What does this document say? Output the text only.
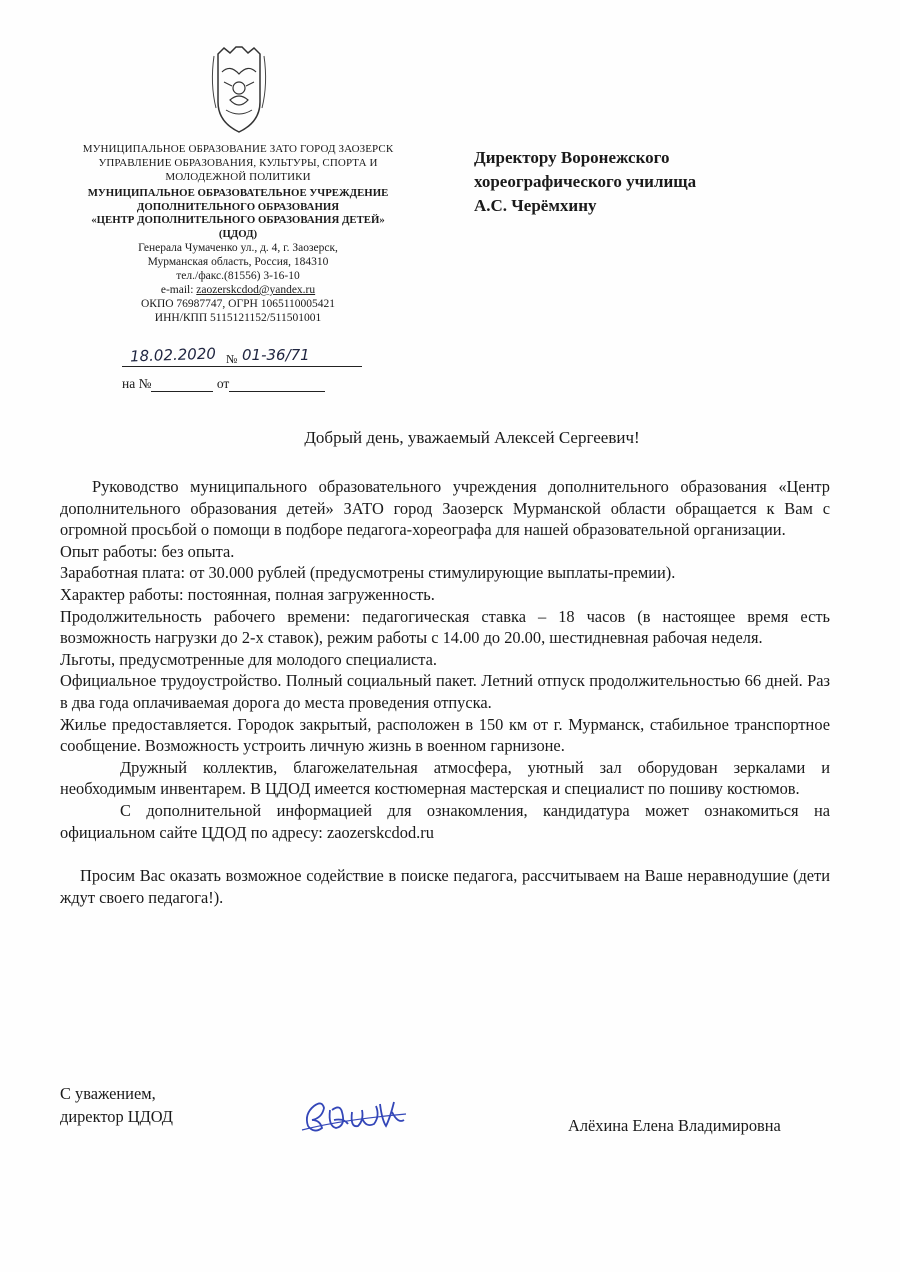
МУНИЦИПАЛЬНОЕ ОБРАЗОВАНИЕ ЗАТО ГОРОД ЗАОЗЕРСК
УПРАВЛЕНИЕ ОБРАЗОВАНИЯ, КУЛЬТУРЫ, СПОРТА И
МОЛОДЕЖНОЙ ПОЛИТИКИ
МУНИЦИПАЛЬНОЕ ОБРАЗОВАТЕЛЬНОЕ УЧРЕЖДЕНИЕ
ДОПОЛНИТЕЛЬНОГО ОБРАЗОВАНИЯ
«ЦЕНТР ДОПОЛНИТЕЛЬНОГО ОБРАЗОВАНИЯ ДЕТЕЙ»
(ЦДОД)
Генерала Чумаченко ул., д. 4, г. Заозерск,
Мурманская область, Россия, 184310
тел./факс.(81556) 3-16-10
e-mail: zaozerskcdod@yandex.ru
ОКПО 76987747, ОГРН 1065110005421
ИНН/КПП 5115121152/511501001
18.02.2020 № 01-36/71
на №	от
Директору Воронежского
хореографического училища
А.С. Черёмхину
Добрый день, уважаемый Алексей Сергеевич!

Руководство муниципального образовательного учреждения дополнительного образования «Центр дополнительного образования детей» ЗАТО город Заозерск Мурманской области обращается к Вам с огромной просьбой о помощи в подборе педагога-хореографа для нашей образовательной организации.

Опыт работы: без опыта.

Заработная плата: от 30.000 рублей (предусмотрены стимулирующие выплаты-премии).

Характер работы: постоянная, полная загруженность.

Продолжительность рабочего времени: педагогическая ставка – 18 часов (в настоящее время есть возможность нагрузки до 2-х ставок), режим работы с 14.00 до 20.00, шестидневная рабочая неделя.

Льготы, предусмотренные для молодого специалиста.

Официальное трудоустройство. Полный социальный пакет. Летний отпуск продолжительностью 66 дней. Раз в два года оплачиваемая дорога до места проведения отпуска.

Жилье предоставляется. Городок закрытый, расположен в 150 км от г. Мурманск, стабильное транспортное сообщение. Возможность устроить личную жизнь в военном гарнизоне.

Дружный коллектив, благожелательная атмосфера, уютный зал оборудован зеркалами и необходимым инвентарем. В ЦДОД имеется костюмерная мастерская и специалист по пошиву костюмов.

С дополнительной информацией для ознакомления, кандидатура может ознакомиться на официальном сайте ЦДОД по адресу: zaozerskcdod.ru

Просим Вас оказать возможное содействие в поиске педагога, рассчитываем на Ваше неравнодушие (дети ждут своего педагога!).

С уважением,
директор ЦДОД	Алёхина Елена Владимировна
